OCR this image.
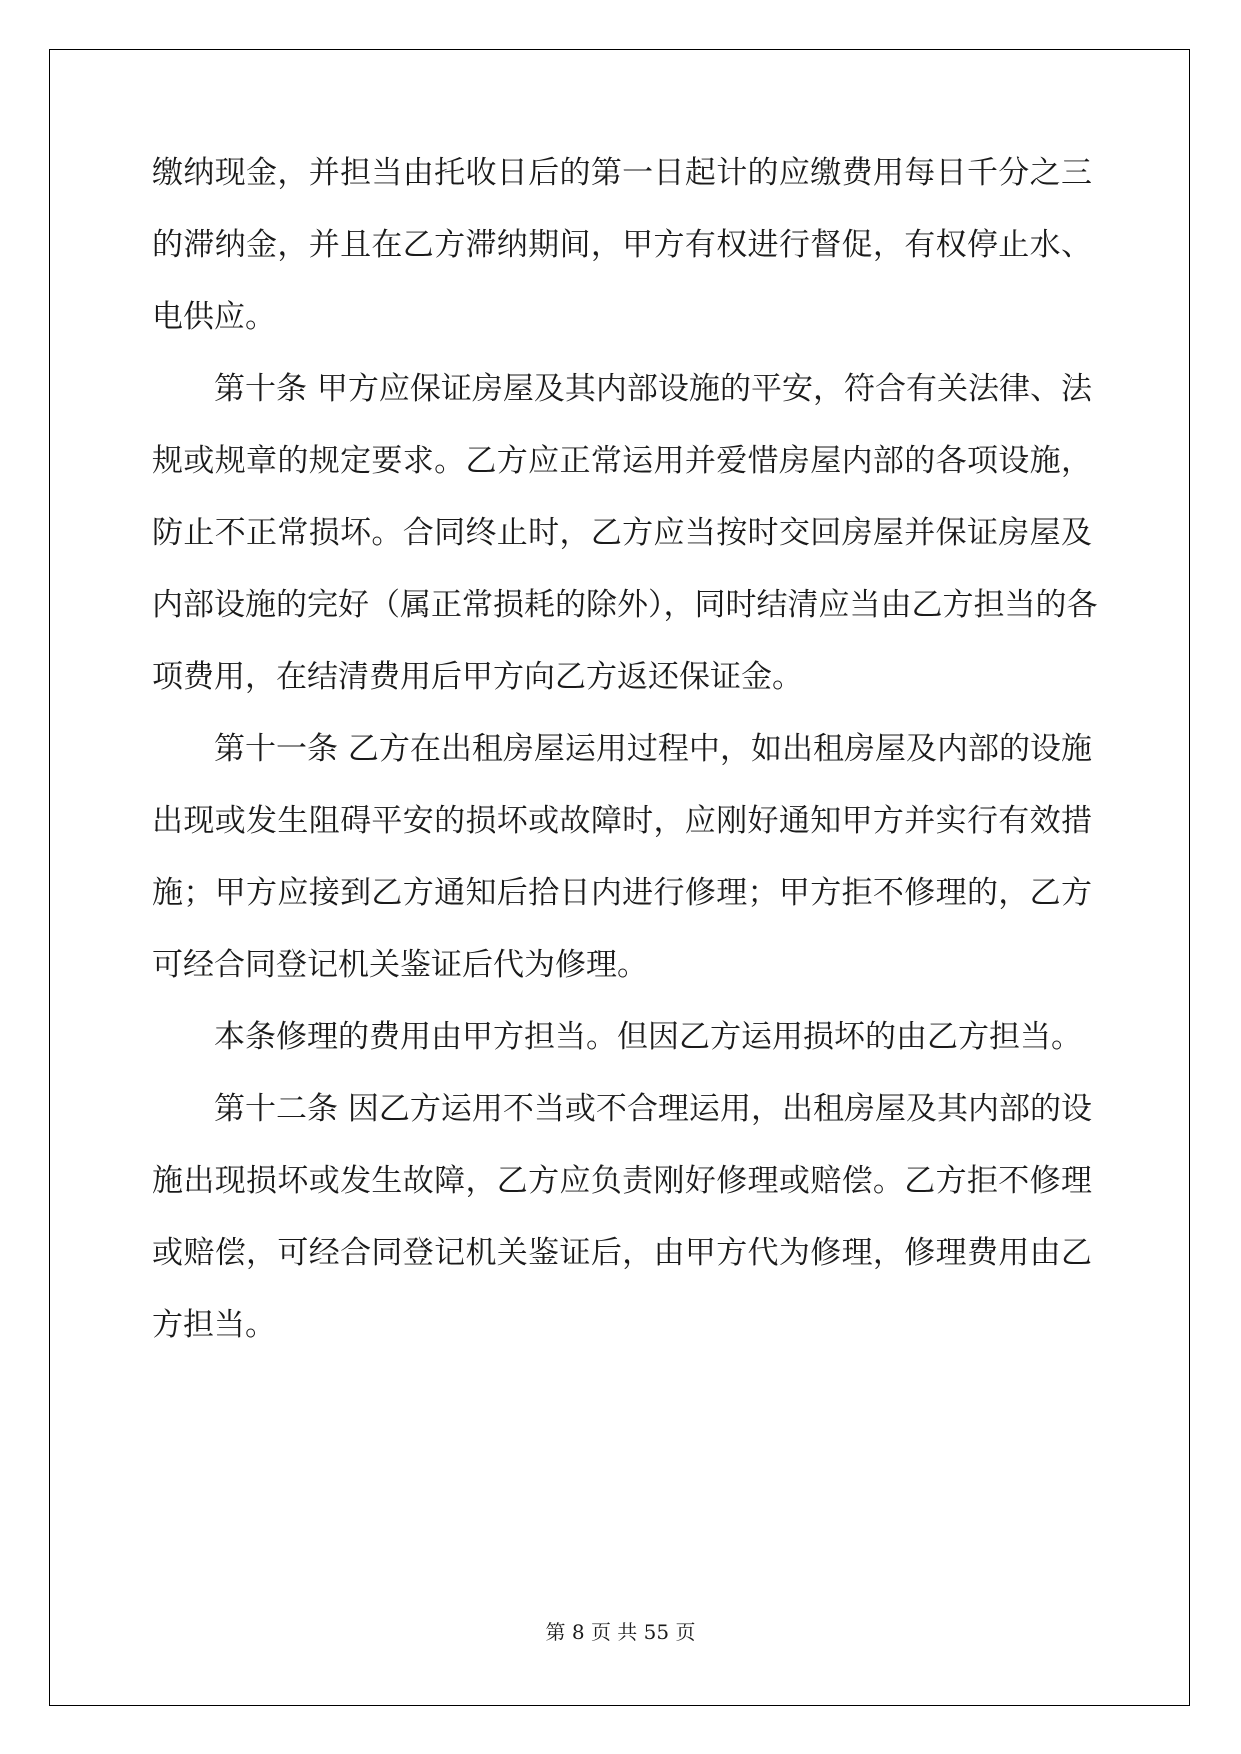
缴纳现金，并担当由托收日后的第一日起计的应缴费用每日千分之三
的滞纳金，并且在乙方滞纳期间，甲方有权进行督促，有权停止水、
电供应。
第十条 甲方应保证房屋及其内部设施的平安，符合有关法律、法
规或规章的规定要求。乙方应正常运用并爱惜房屋内部的各项设施，
防止不正常损坏。合同终止时，乙方应当按时交回房屋并保证房屋及
内部设施的完好（属正常损耗的除外），同时结清应当由乙方担当的各
项费用，在结清费用后甲方向乙方返还保证金。
第十一条 乙方在出租房屋运用过程中，如出租房屋及内部的设施
出现或发生阻碍平安的损坏或故障时，应刚好通知甲方并实行有效措
施；甲方应接到乙方通知后拾日内进行修理；甲方拒不修理的，乙方
可经合同登记机关鉴证后代为修理。
本条修理的费用由甲方担当。但因乙方运用损坏的由乙方担当。
第十二条 因乙方运用不当或不合理运用，出租房屋及其内部的设
施出现损坏或发生故障，乙方应负责刚好修理或赔偿。乙方拒不修理
或赔偿，可经合同登记机关鉴证后，由甲方代为修理，修理费用由乙
方担当。
第 8 页 共 55 页
